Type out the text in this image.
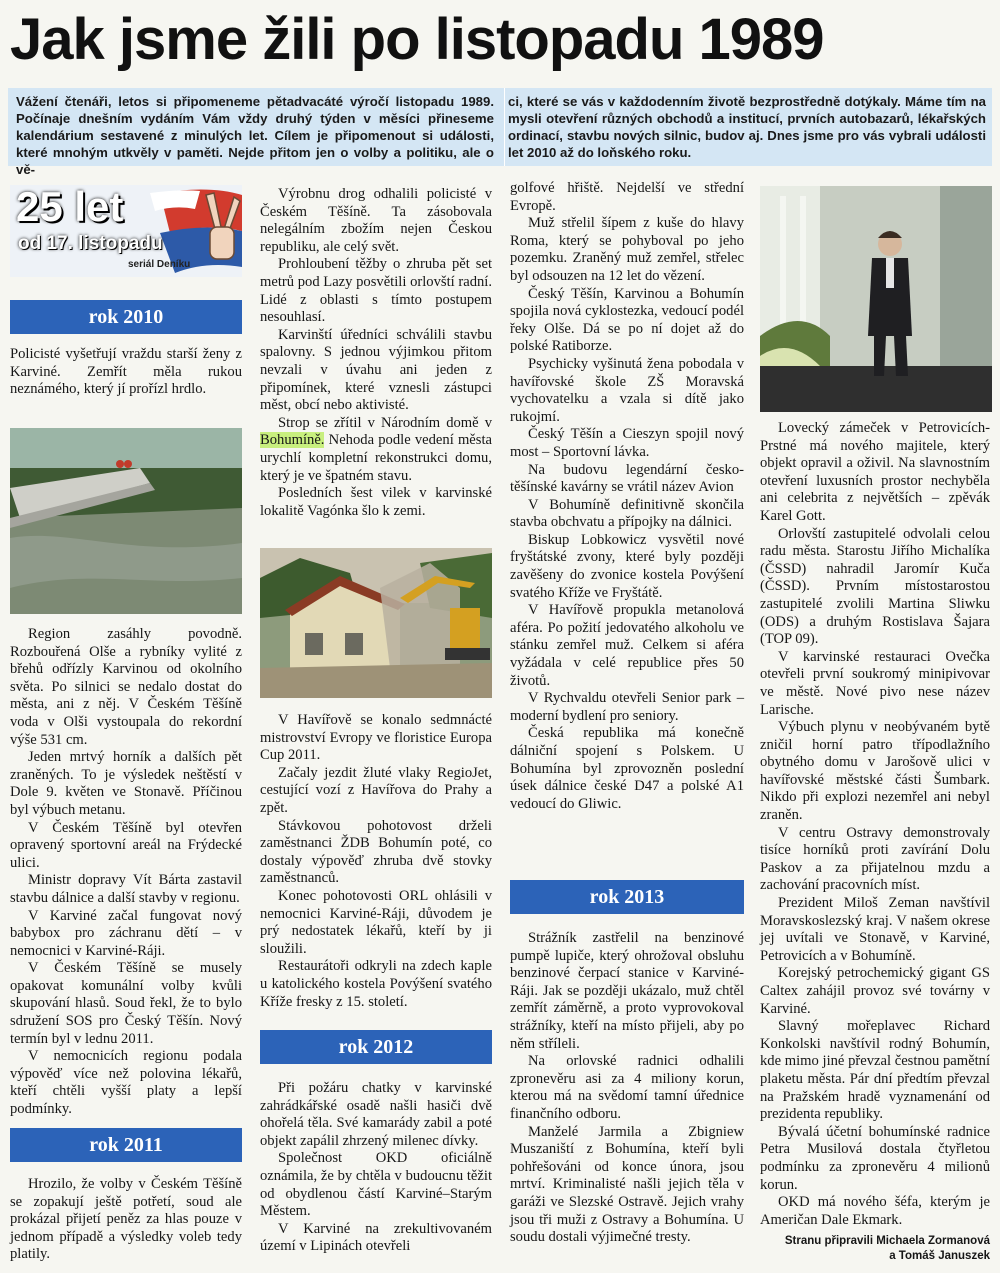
Jak jsme žili po listopadu 1989

Vážení čtenáři, letos si připomeneme pětadvacáté výročí listopadu 1989. Počínaje dnešním vydáním Vám vždy druhý týden v měsíci přineseme kalendárium sestavené z minulých let. Cílem je připomenout si události, které mnohým utkvěly v paměti. Nejde přitom jen o volby a politiku, ale o vě-

ci, které se vás v každodenním životě bezprostředně dotýkaly. Máme tím na mysli otevření různých obchodů a institucí, prvních autobazarů, lékařských ordinací, stavbu nových silnic, budov aj. Dnes jsme pro vás vybrali události let 2010 až do loňského roku.

25 let
od 17. listopadu
seriál Deníku
rok 2010

Policisté vyšetřují vraždu starší ženy z Karviné. Zemřít měla rukou neznámého, který jí prořízl hrdlo.

Region zasáhly povodně. Rozbouřená Olše a rybníky vylité z břehů odřízly Karvinou od okolního světa. Po silnici se nedalo dostat do města, ani z něj. V Českém Těšíně voda v Olši vystoupala do rekordní výše 531 cm.

Jeden mrtvý horník a dalších pět zraněných. To je výsledek neštěstí v Dole 9. květen ve Stonavě. Příčinou byl výbuch metanu.

V Českém Těšíně byl otevřen opravený sportovní areál na Frýdecké ulici.

Ministr dopravy Vít Bárta zastavil stavbu dálnice a další stavby v regionu.

V Karviné začal fungovat nový babybox pro záchranu dětí – v nemocnici v Karviné-Ráji.

V Českém Těšíně se musely opakovat komunální volby kvůli skupování hlasů. Soud řekl, že to bylo sdružení SOS pro Český Těšín. Nový termín byl v lednu 2011.

V nemocnicích regionu podala výpověď více než polovina lékařů, kteří chtěli vyšší platy a lepší podmínky.

rok 2011

Hrozilo, že volby v Českém Těšíně se zopakují ještě potřetí, soud ale prokázal přijetí peněz za hlas pouze v jednom případě a výsledky voleb tedy platily.

Výrobnu drog odhalili policisté v Českém Těšíně. Ta zásobovala nelegálním zbožím nejen Českou republiku, ale celý svět.

Prohloubení těžby o zhruba pět set metrů pod Lazy posvětili orlovští radní. Lidé z oblasti s tímto postupem nesouhlasí.

Karvinští úředníci schválili stavbu spalovny. S jednou výjimkou přitom nevzali v úvahu ani jeden z připomínek, které vznesli zástupci měst, obcí nebo aktivisté.

Strop se zřítil v Národním domě v Bohumíně. Nehoda podle vedení města urychlí kompletní rekonstrukci domu, který je ve špatném stavu.

Posledních šest vilek v karvinské lokalitě Vagónka šlo k zemi.

V Havířově se konalo sedmnácté mistrovství Evropy ve floristice Europa Cup 2011.

Začaly jezdit žluté vlaky RegioJet, cestující vozí z Havířova do Prahy a zpět.

Stávkovou pohotovost drželi zaměstnanci ŽDB Bohumín poté, co dostaly výpověď zhruba dvě stovky zaměstnanců.

Konec pohotovosti ORL ohlásili v nemocnici Karviné-Ráji, důvodem je prý nedostatek lékařů, kteří by ji sloužili.

Restaurátoři odkryli na zdech kaple u katolického kostela Povýšení svatého Kříže fresky z 15. století.

rok 2012

Při požáru chatky v karvinské zahrádkářské osadě našli hasiči dvě ohořelá těla. Své kamarády zabil a poté objekt zapálil zhrzený milenec dívky.

Společnost OKD oficiálně oznámila, že by chtěla v budoucnu těžit od obydlenou částí Karviné–Starým Městem.

V Karviné na zrekultivovaném území v Lipinách otevřeli

golfové hřiště. Nejdelší ve střední Evropě.

Muž střelil šípem z kuše do hlavy Roma, který se pohyboval po jeho pozemku. Zraněný muž zemřel, střelec byl odsouzen na 12 let do vězení.

Český Těšín, Karvinou a Bohumín spojila nová cyklostezka, vedoucí podél řeky Olše. Dá se po ní dojet až do polské Ratiborze.

Psychicky vyšinutá žena pobodala v havířovské škole ZŠ Moravská vychovatelku a vzala si dítě jako rukojmí.

Český Těšín a Cieszyn spojil nový most – Sportovní lávka.

Na budovu legendární česko-těšínské kavárny se vrátil název Avion

V Bohumíně definitivně skončila stavba obchvatu a přípojky na dálnici.

Biskup Lobkowicz vysvětil nové fryštátské zvony, které byly později zavěšeny do zvonice kostela Povýšení svatého Kříže ve Fryštátě.

V Havířově propukla metanolová aféra. Po požití jedovatého alkoholu ve stánku zemřel muž. Celkem si aféra vyžádala v celé republice přes 50 životů.

V Rychvaldu otevřeli Senior park – moderní bydlení pro seniory.

Česká republika má konečně dálniční spojení s Polskem. U Bohumína byl zprovozněn poslední úsek dálnice české D47 a polské A1 vedoucí do Gliwic.

rok 2013

Strážník zastřelil na benzinové pumpě lupiče, který ohrožoval obsluhu benzinové čerpací stanice v Karviné-Ráji. Jak se později ukázalo, muž chtěl zemřít záměrně, a proto vyprovokoval strážníky, kteří na místo přijeli, aby po něm stříleli.

Na orlovské radnici odhalili zpronevěru asi za 4 miliony korun, kterou má na svědomí tamní úřednice finančního odboru.

Manželé Jarmila a Zbigniew Muszaniští z Bohumína, kteří byli pohřešováni od konce února, jsou mrtví. Kriminalisté našli jejich těla v garáži ve Slezské Ostravě. Jejich vrahy jsou tři muži z Ostravy a Bohumína. U soudu dostali výjimečné tresty.

Lovecký zámeček v Petrovicích-Prstné má nového majitele, který objekt opravil a oživil. Na slavnostním otevření luxusních prostor nechyběla ani celebrita z největších – zpěvák Karel Gott.

Orlovští zastupitelé odvolali celou radu města. Starostu Jiřího Michalíka (ČSSD) nahradil Jaromír Kuča (ČSSD). Prvním místostarostou zastupitelé zvolili Martina Sliwku (ODS) a druhým Rostislava Šajara (TOP 09).

V karvinské restauraci Ovečka otevřeli první soukromý minipivovar ve městě. Nové pivo nese název Larische.

Výbuch plynu v neobývaném bytě zničil horní patro třípodlažního obytného domu v Jarošově ulici v havířovské městské části Šumbark. Nikdo při explozi nezemřel ani nebyl zraněn.

V centru Ostravy demonstrovaly tisíce horníků proti zavírání Dolu Paskov a za přijatelnou mzdu a zachování pracovních míst.

Prezident Miloš Zeman navštívil Moravskoslezský kraj. V našem okrese jej uvítali ve Stonavě, v Karviné, Petrovicích a v Bohumíně.

Korejský petrochemický gigant GS Caltex zahájil provoz své továrny v Karviné.

Slavný mořeplavec Richard Konkolski navštívil rodný Bohumín, kde mimo jiné převzal čestnou pamětní plaketu města. Pár dní předtím převzal na Pražském hradě vyznamenání od prezidenta republiky.

Bývalá účetní bohumínské radnice Petra Musilová dostala čtyřletou podmínku za zpronevěru 4 milionů korun.

OKD má nového šéfa, kterým je Američan Dale Ekmark.

Stranu připravili Michaela Zormanová
a Tomáš Januszek
